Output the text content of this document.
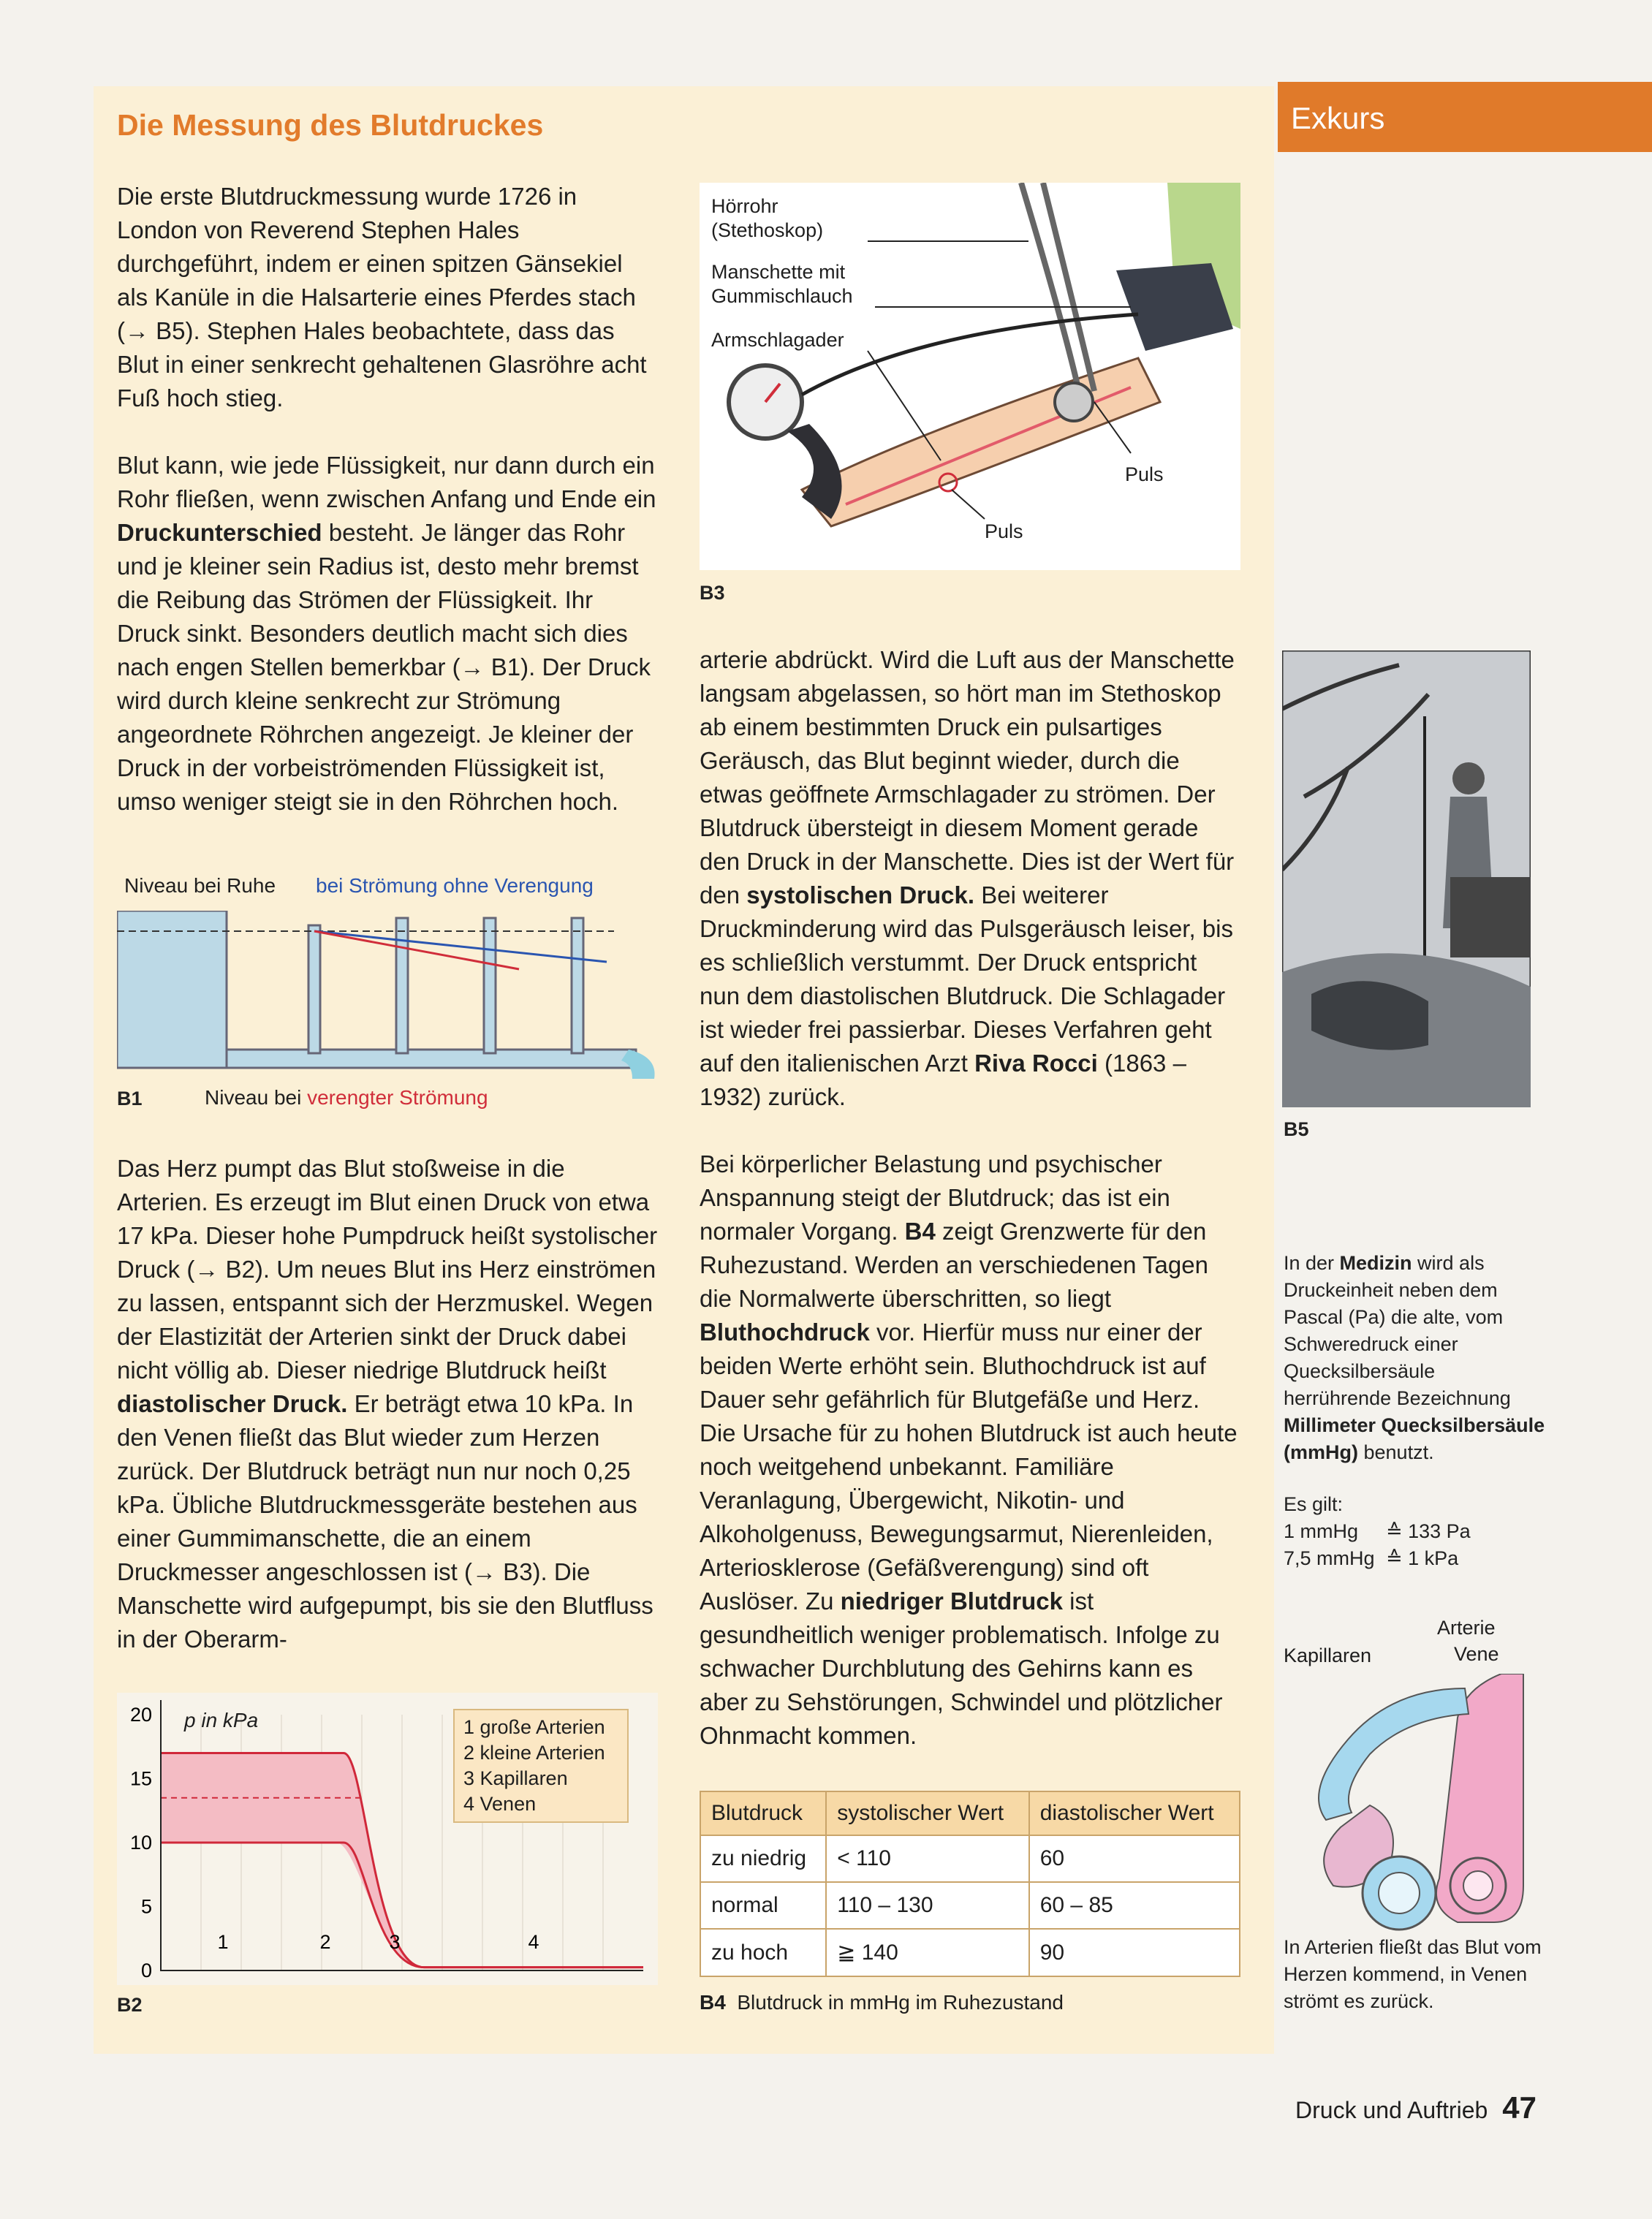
Exkurs
Die Messung des Blutdruckes

Die erste Blutdruckmessung wurde 1726 in London von Reverend Stephen Hales durchgeführt, indem er einen spitzen Gänsekiel als Kanüle in die Halsarterie eines Pferdes stach (→ B5). Stephen Hales beobachtete, dass das Blut in einer senkrecht gehaltenen Glasröhre acht Fuß hoch stieg.

Blut kann, wie jede Flüssigkeit, nur dann durch ein Rohr fließen, wenn zwischen Anfang und Ende ein Druckunterschied besteht. Je länger das Rohr und je kleiner sein Radius ist, desto mehr bremst die Reibung das Strömen der Flüssigkeit. Ihr Druck sinkt. Besonders deutlich macht sich dies nach engen Stellen bemerkbar (→ B1). Der Druck wird durch kleine senkrecht zur Strömung angeordnete Röhrchen angezeigt. Je kleiner der Druck in der vorbeiströmenden Flüssigkeit ist, umso weniger steigt sie in den Röhrchen hoch.

Niveau bei Ruhe bei Strömung ohne Verengung
B1	Niveau bei verengter Strömung

Das Herz pumpt das Blut stoßweise in die Arterien. Es erzeugt im Blut einen Druck von etwa 17 kPa. Dieser hohe Pumpdruck heißt systolischer Druck (→ B2). Um neues Blut ins Herz einströmen zu lassen, entspannt sich der Herzmuskel. Wegen der Elastizität der Arterien sinkt der Druck dabei nicht völlig ab. Dieser niedrige Blutdruck heißt diastolischer Druck. Er beträgt etwa 10 kPa. In den Venen fließt das Blut wieder zum Herzen zurück. Der Blutdruck beträgt nun nur noch 0,25 kPa. Übliche Blutdruckmessgeräte bestehen aus einer Gummimanschette, die an einem Druckmesser angeschlossen ist (→ B3). Die Manschette wird aufgepumpt, bis sie den Blutfluss in der Oberarm-

20
15
10
5
0
1	2	3	4
p in kPa	1 große Arterien
2 kleine Arterien
3 Kapillaren
4 Venen
B2
Hörrohr
(Stethoskop)
Manschette mit
Gummischlauch
Armschlagader
Puls
Puls
B3

arterie abdrückt. Wird die Luft aus der Manschette langsam abgelassen, so hört man im Stethoskop ab einem bestimmten Druck ein pulsartiges Geräusch, das Blut beginnt wieder, durch die etwas geöffnete Armschlagader zu strömen. Der Blutdruck übersteigt in diesem Moment gerade den Druck in der Manschette. Dies ist der Wert für den systolischen Druck. Bei weiterer Druckminderung wird das Pulsgeräusch leiser, bis es schließlich verstummt. Der Druck entspricht nun dem diastolischen Blutdruck. Die Schlagader ist wieder frei passierbar. Dieses Verfahren geht auf den italienischen Arzt Riva Rocci (1863 – 1932) zurück.

Bei körperlicher Belastung und psychischer Anspannung steigt der Blutdruck; das ist ein normaler Vorgang. B4 zeigt Grenzwerte für den Ruhezustand. Werden an verschiedenen Tagen die Normalwerte überschritten, so liegt Bluthochdruck vor. Hierfür muss nur einer der beiden Werte erhöht sein. Bluthochdruck ist auf Dauer sehr gefährlich für Blutgefäße und Herz. Die Ursache für zu hohen Blutdruck ist auch heute noch weitgehend unbekannt. Familiäre Veranlagung, Übergewicht, Nikotin- und Alkoholgenuss, Bewegungsarmut, Nierenleiden, Arteriosklerose (Gefäßverengung) sind oft Auslöser. Zu niedriger Blutdruck ist gesundheitlich weniger problematisch. Infolge zu schwacher Durchblutung des Gehirns kann es aber zu Sehstörungen, Schwindel und plötzlicher Ohnmacht kommen.

Blutdruck	systolischer Wert	diastolischer Wert
zu niedrig	< 110	60
normal	110 – 130	60 – 85
zu hoch	≧ 140	90
B4 Blutdruck in mmHg im Ruhezustand
B5
In der Medizin wird als Druckeinheit neben dem Pascal (Pa) die alte, vom Schweredruck einer Quecksilbersäule herrührende Bezeichnung Millimeter Quecksilbersäule (mmHg) benutzt.
Es gilt:
1 mmHg ≙ 133 Pa
7,5 mmHg ≙ 1 kPa
Arterie
Vene
Kapillaren
In Arterien fließt das Blut vom Herzen kommend, in Venen strömt es zurück.
Druck und Auftrieb 47
